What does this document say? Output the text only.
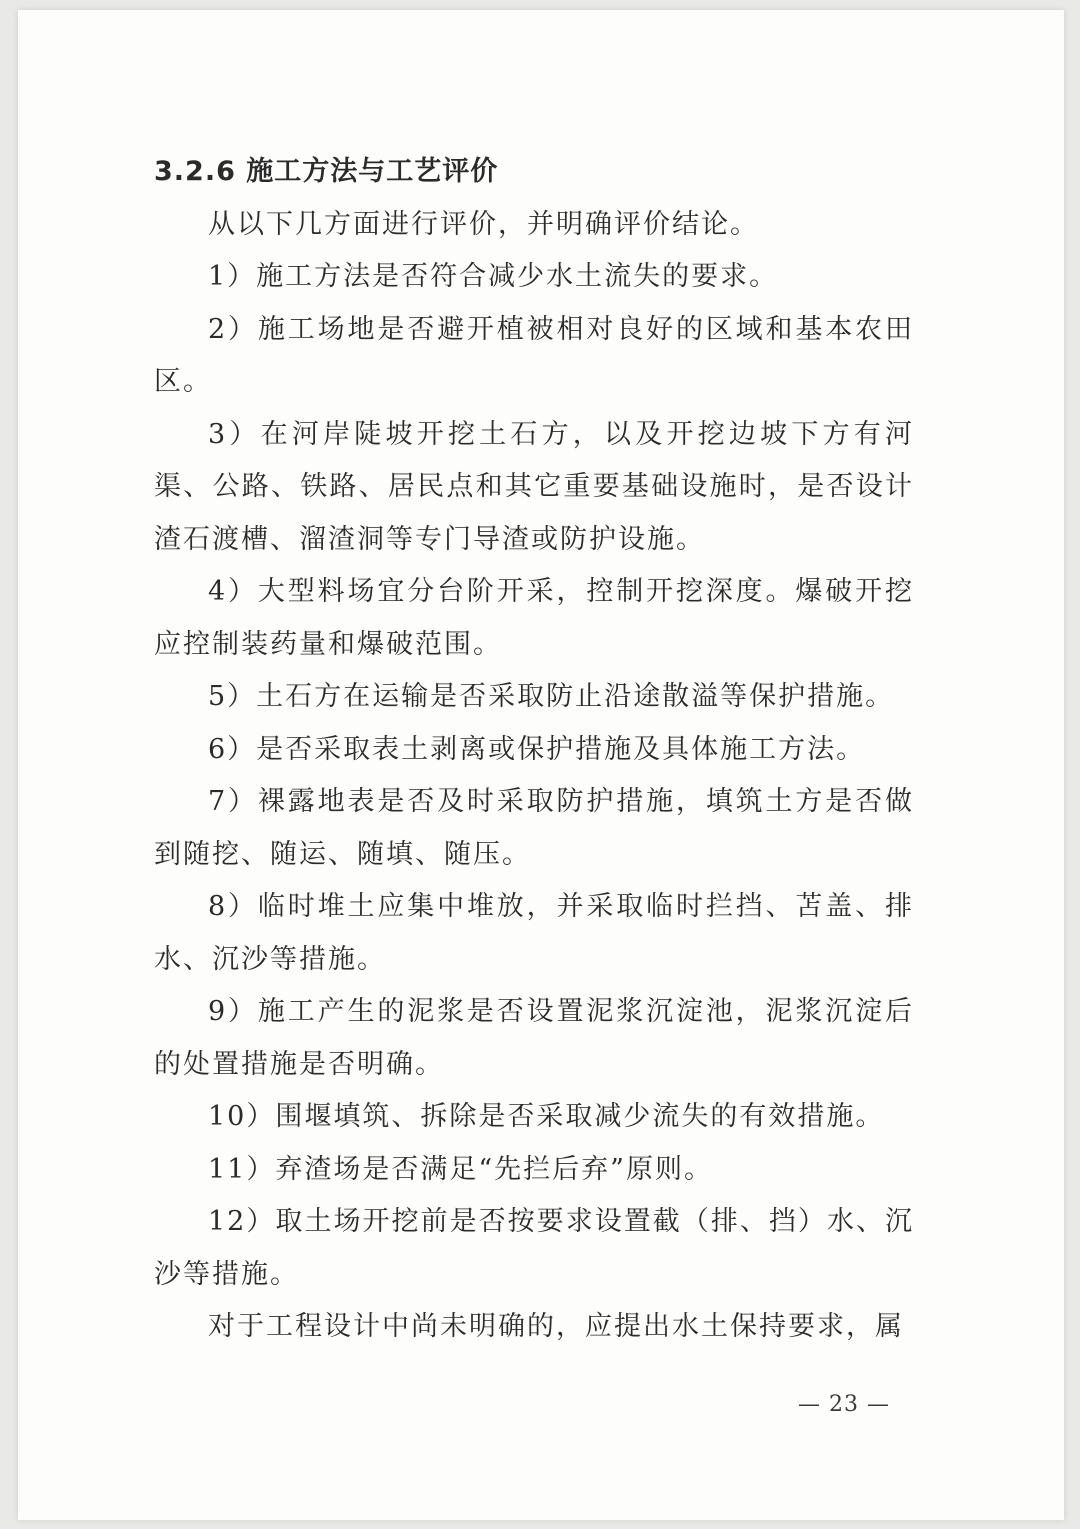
3.2.6 施工方法与工艺评价

从以下几方面进行评价，并明确评价结论。

1）施工方法是否符合减少水土流失的要求。

2）施工场地是否避开植被相对良好的区域和基本农田区。

3）在河岸陡坡开挖土石方，以及开挖边坡下方有河渠、公路、铁路、居民点和其它重要基础设施时，是否设计渣石渡槽、溜渣洞等专门导渣或防护设施。

4）大型料场宜分台阶开采，控制开挖深度。爆破开挖应控制装药量和爆破范围。

5）土石方在运输是否采取防止沿途散溢等保护措施。

6）是否采取表土剥离或保护措施及具体施工方法。

7）裸露地表是否及时采取防护措施，填筑土方是否做到随挖、随运、随填、随压。

8）临时堆土应集中堆放，并采取临时拦挡、苫盖、排水、沉沙等措施。

9）施工产生的泥浆是否设置泥浆沉淀池，泥浆沉淀后的处置措施是否明确。

10）围堰填筑、拆除是否采取减少流失的有效措施。

11）弃渣场是否满足“先拦后弃”原则。

12）取土场开挖前是否按要求设置截（排、挡）水、沉沙等措施。

对于工程设计中尚未明确的，应提出水土保持要求，属

— 23 —
